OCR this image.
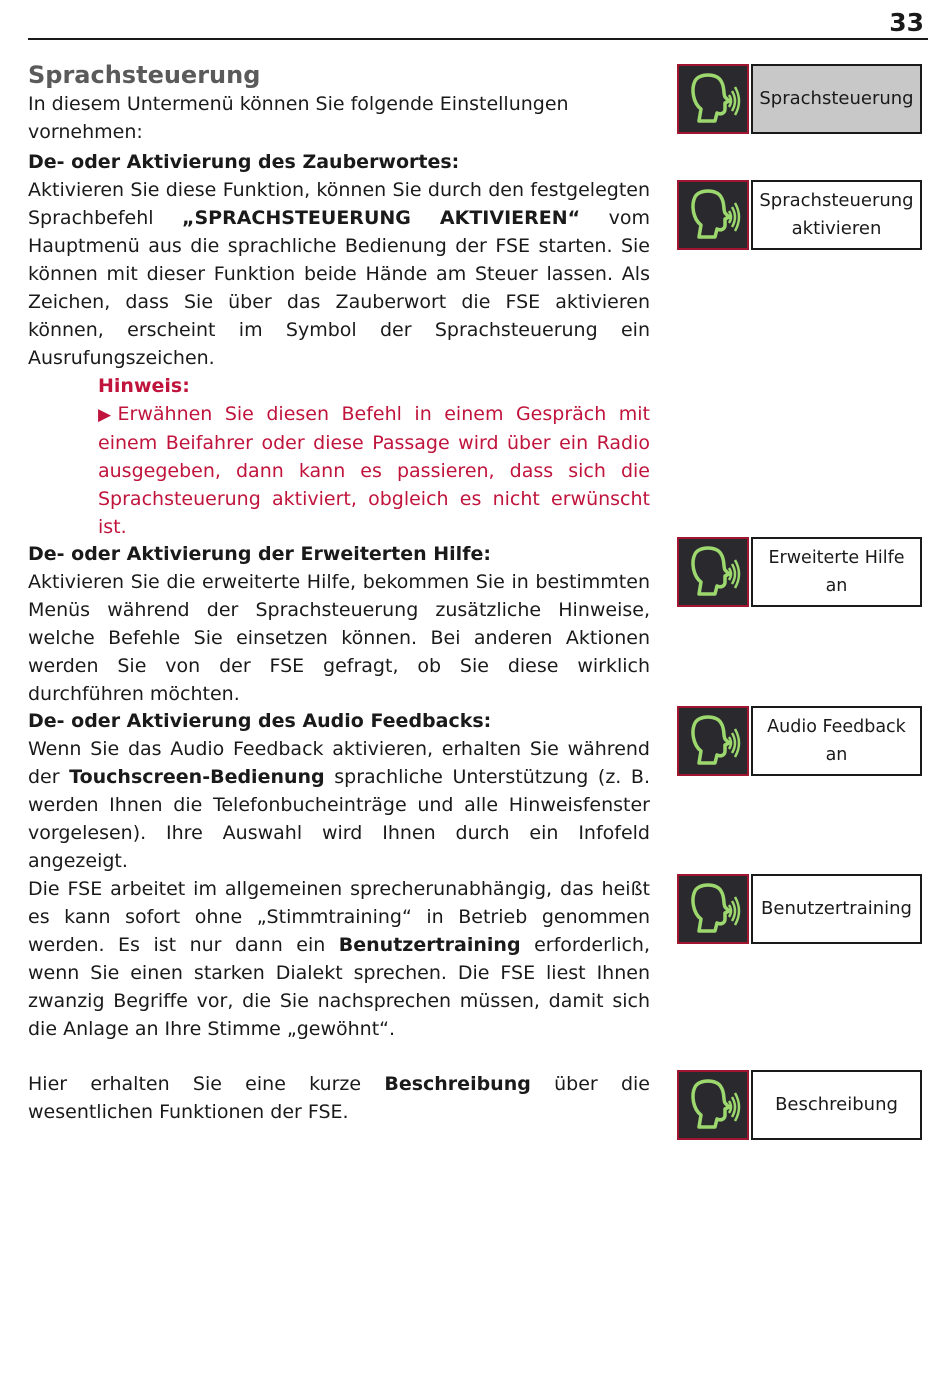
33

Sprachsteuerung

In diesem Untermenü können Sie folgende Einstellungen vornehmen:

De- oder Aktivierung des Zauberwortes:

Aktivieren Sie diese Funktion, können Sie durch den festgelegten Sprachbefehl „SPRACHSTEUERUNG AKTIVIEREN“ vom Hauptmenü aus die sprachliche Bedienung der FSE starten. Sie können mit dieser Funktion beide Hände am Steuer lassen. Als Zeichen, dass Sie über das Zauberwort die FSE aktivieren können, erscheint im Symbol der Sprachsteuerung ein Ausrufungszeichen.

Hinweis:

▶Erwähnen Sie diesen Befehl in einem Gespräch mit einem Beifahrer oder diese Passage wird über ein Radio ausgegeben, dann kann es passieren, dass sich die Sprachsteuerung aktiviert, obgleich es nicht erwünscht ist.

De- oder Aktivierung der Erweiterten Hilfe:

Aktivieren Sie die erweiterte Hilfe, bekommen Sie in bestimmten Menüs während der Sprachsteuerung zusätzliche Hinweise, welche Befehle Sie einsetzen können. Bei anderen Aktionen werden Sie von der FSE gefragt, ob Sie diese wirklich durchführen möchten.

De- oder Aktivierung des Audio Feedbacks:

Wenn Sie das Audio Feedback aktivieren, erhalten Sie während der Touchscreen-Bedienung sprachliche Unterstützung (z. B. werden Ihnen die Telefonbucheinträge und alle Hinweisfenster vorgelesen). Ihre Auswahl wird Ihnen durch ein Infofeld angezeigt.

Die FSE arbeitet im allgemeinen sprecherunabhängig, das heißt es kann sofort ohne „Stimmtraining“ in Betrieb genommen werden. Es ist nur dann ein Benutzertraining erforderlich, wenn Sie einen starken Dialekt sprechen. Die FSE liest Ihnen zwanzig Begriffe vor, die Sie nachsprechen müssen, damit sich die Anlage an Ihre Stimme „gewöhnt“.

Hier erhalten Sie eine kurze Beschreibung über die wesentlichen Funktionen der FSE.

Sprachsteuerung
Sprachsteuerung
aktivieren
Erweiterte Hilfe an
Audio Feedback an
Benutzertraining
Beschreibung
